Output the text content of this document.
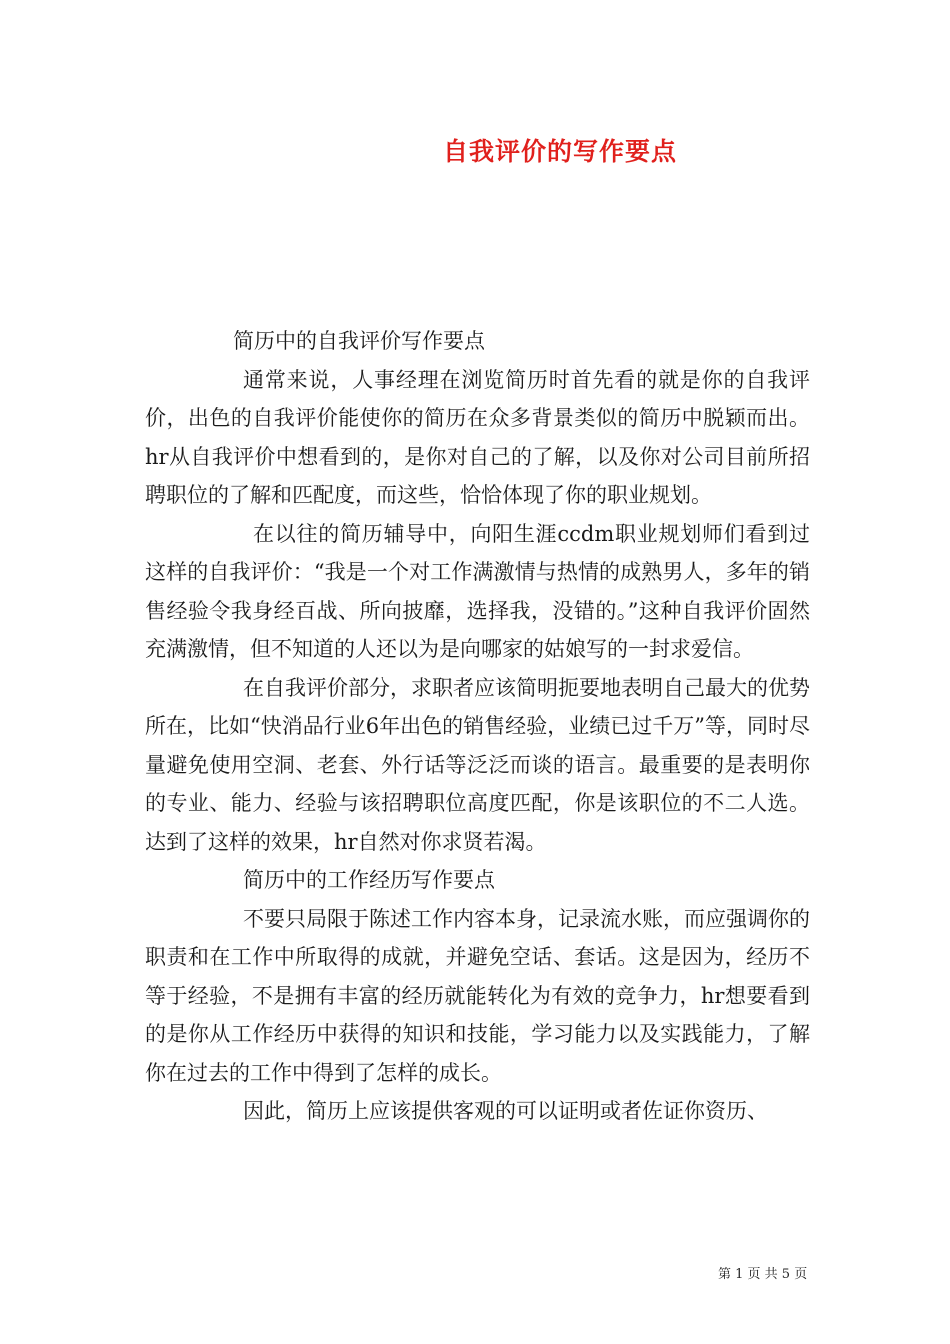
自我评价的写作要点

简历中的自我评价写作要点

通常来说，人事经理在浏览简历时首先看的就是你的自我评价，出色的自我评价能使你的简历在众多背景类似的简历中脱颖而出。hr从自我评价中想看到的，是你对自己的了解，以及你对公司目前所招聘职位的了解和匹配度，而这些，恰恰体现了你的职业规划。

在以往的简历辅导中，向阳生涯ccdm职业规划师们看到过这样的自我评价：“我是一个对工作满激情与热情的成熟男人，多年的销售经验令我身经百战、所向披靡，选择我，没错的。”这种自我评价固然充满激情，但不知道的人还以为是向哪家的姑娘写的一封求爱信。

在自我评价部分，求职者应该简明扼要地表明自己最大的优势所在，比如“快消品行业6年出色的销售经验，业绩已过千万”等，同时尽量避免使用空洞、老套、外行话等泛泛而谈的语言。最重要的是表明你的专业、能力、经验与该招聘职位高度匹配，你是该职位的不二人选。达到了这样的效果，hr自然对你求贤若渴。

简历中的工作经历写作要点

不要只局限于陈述工作内容本身，记录流水账，而应强调你的职责和在工作中所取得的成就，并避免空话、套话。这是因为，经历不等于经验，不是拥有丰富的经历就能转化为有效的竞争力，hr想要看到的是你从工作经历中获得的知识和技能，学习能力以及实践能力，了解你在过去的工作中得到了怎样的成长。

因此，简历上应该提供客观的可以证明或者佐证你资历、

第 1 页 共 5 页
